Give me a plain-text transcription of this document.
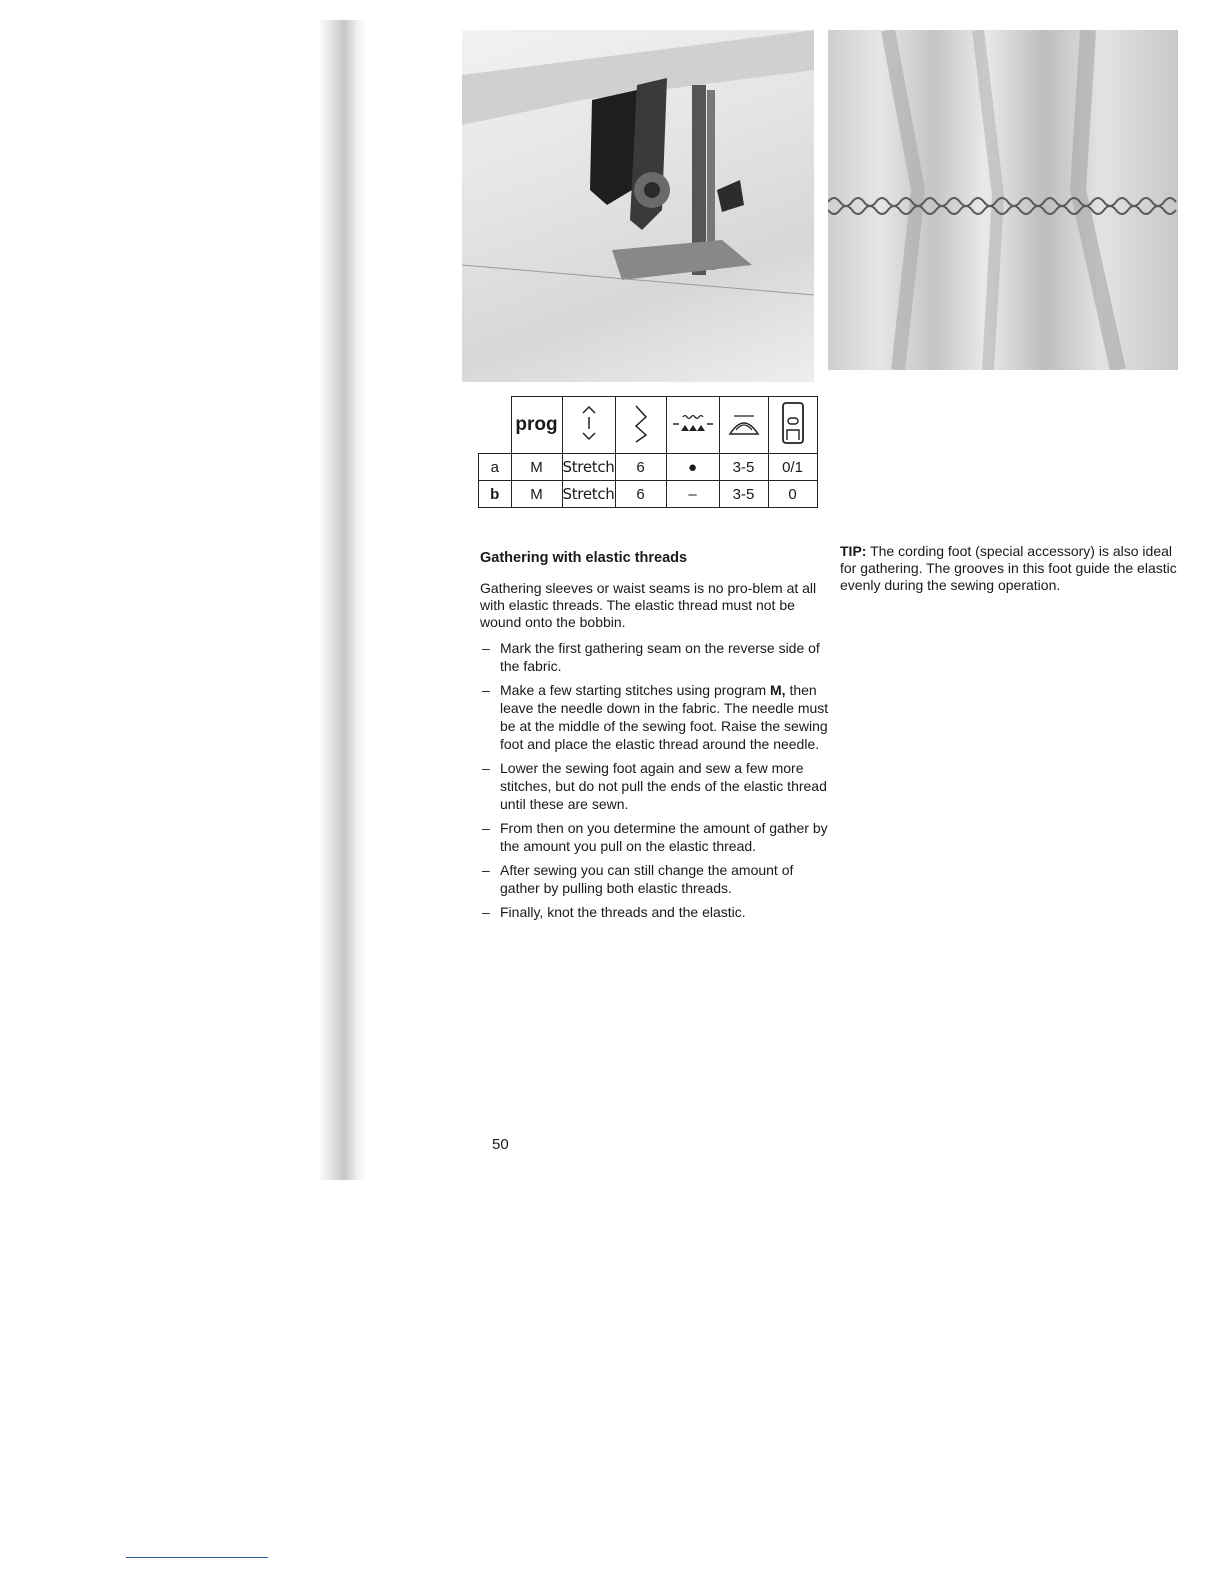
	prog					
a	M	Stretch	6	●	3-5	0/1
b	M	Stretch	6	–	3-5	0
Gathering with elastic threads

Gathering sleeves or waist seams is no pro-blem at all with elastic threads. The elastic thread must not be wound onto the bobbin.

– Mark the first gathering seam on the reverse side of the fabric.
– Make a few starting stitches using program M, then leave the needle down in the fabric. The needle must be at the middle of the sewing foot. Raise the sewing foot and place the elastic thread around the needle.
– Lower the sewing foot again and sew a few more stitches, but do not pull the ends of the elastic thread until these are sewn.
– From then on you determine the amount of gather by the amount you pull on the elastic thread.
– After sewing you can still change the amount of gather by pulling both elastic threads.
– Finally, knot the threads and the elastic.
TIP: The cording foot (special accessory) is also ideal for gathering. The grooves in this foot guide the elastic evenly during the sewing operation.
50
